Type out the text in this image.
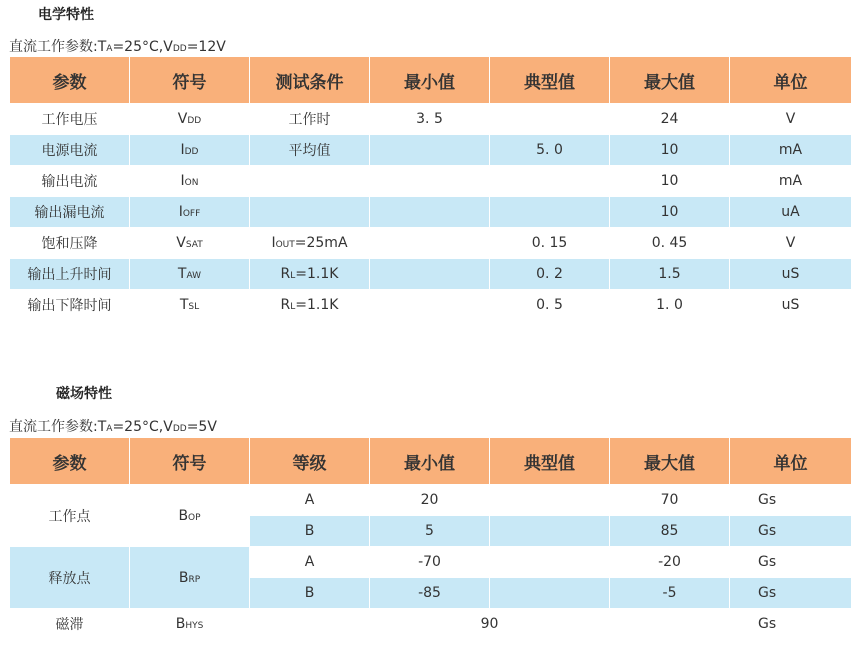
电学特性
直流工作参数:TA=25°C,VDD=12V
参数	符号	测试条件	最小值	典型值	最大值	单位
工作电压	VDD	工作时	3. 5		24	V
电源电流	IDD	平均值		5. 0	10	mA
输出电流	ION				10	mA
输出漏电流	IOFF				10	uA
饱和压降	VSAT	IOUT=25mA		0. 15	0. 45	V
输出上升时间	TAW	RL=1.1K		0. 2	1.5	uS
输出下降时间	TSL	RL=1.1K		0. 5	1. 0	uS
磁场特性
直流工作参数:TA=25°C,VDD=5V
参数	符号	等级	最小值	典型值	最大值	单位
工作点	BOP	A	20		70	Gs
		B	5		85	Gs
释放点	BRP	A	-70		-20	Gs
		B	-85		-5	Gs
磁滞	BHYS		90			Gs
